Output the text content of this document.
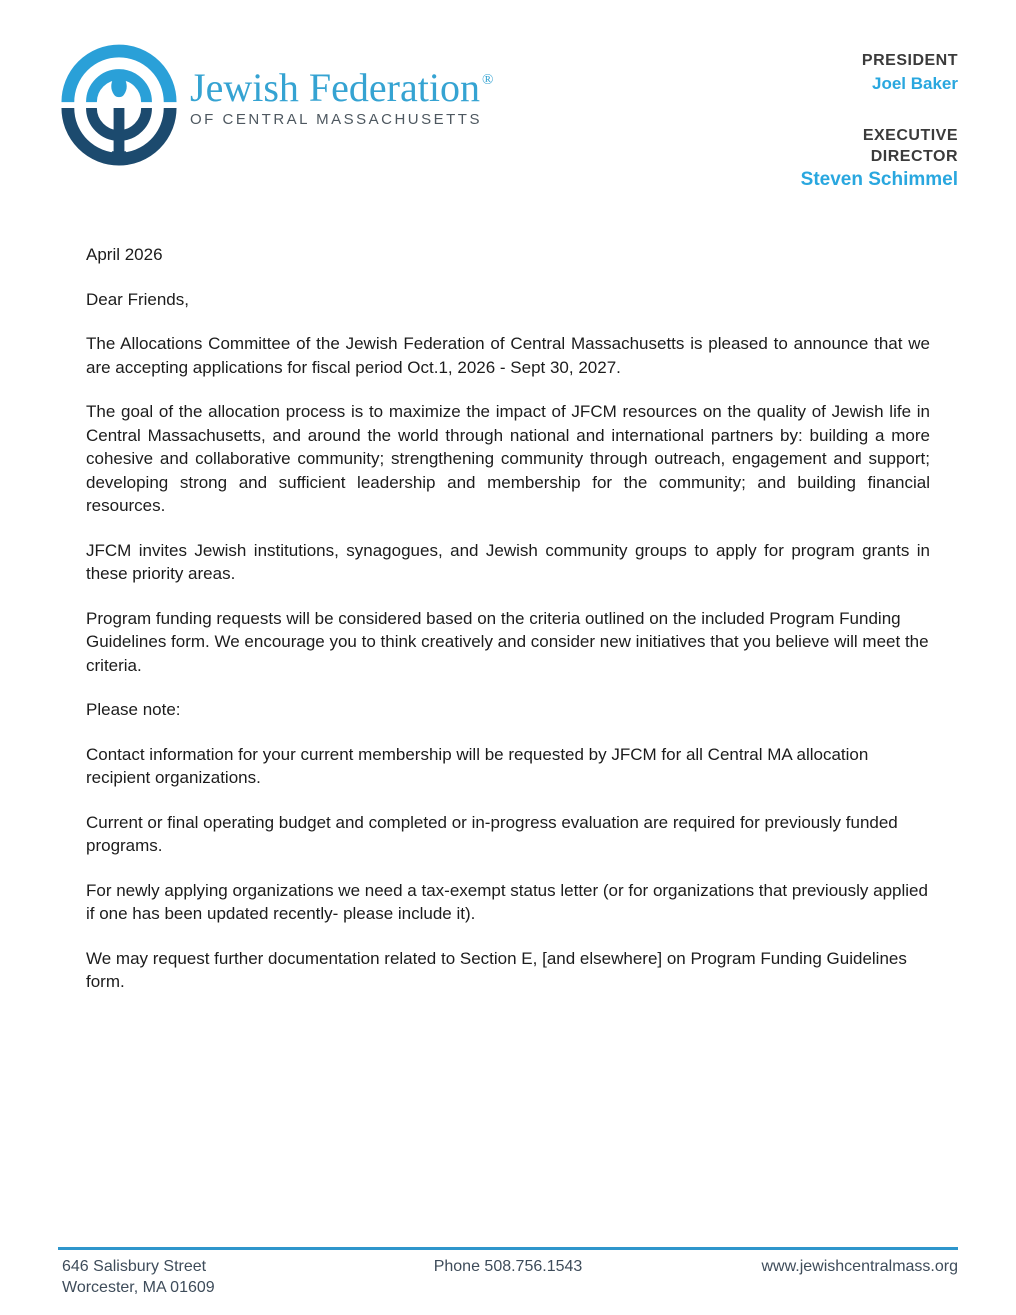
Jewish Federation ®
OF CENTRAL MASSACHUSETTS
PRESIDENT
Joel Baker
EXECUTIVE DIRECTOR
Steven Schimmel

April 2026

Dear Friends,

The Allocations Committee of the Jewish Federation of Central Massachusetts is pleased to announce that we are accepting applications for fiscal period Oct.1, 2026 - Sept 30, 2027.

The goal of the allocation process is to maximize the impact of JFCM resources on the quality of Jewish life in Central Massachusetts, and around the world through national and international partners by: building a more cohesive and collaborative community; strengthening community through outreach, engagement and support; developing strong and sufficient leadership and membership for the community; and building financial resources.

JFCM invites Jewish institutions, synagogues, and Jewish community groups to apply for program grants in these priority areas.

Program funding requests will be considered based on the criteria outlined on the included Program Funding Guidelines form. We encourage you to think creatively and consider new initiatives that you believe will meet the criteria.

Please note:

Contact information for your current membership will be requested by JFCM for all Central MA allocation recipient organizations.

Current or final operating budget and completed or in-progress evaluation are required for previously funded programs.

For newly applying organizations we need a tax-exempt status letter (or for organizations that previously applied if one has been updated recently- please include it).

We may request further documentation related to Section E, [and elsewhere] on Program Funding Guidelines form.

646 Salisbury Street
Worcester, MA 01609
Phone 508.756.1543	www.jewishcentralmass.org
